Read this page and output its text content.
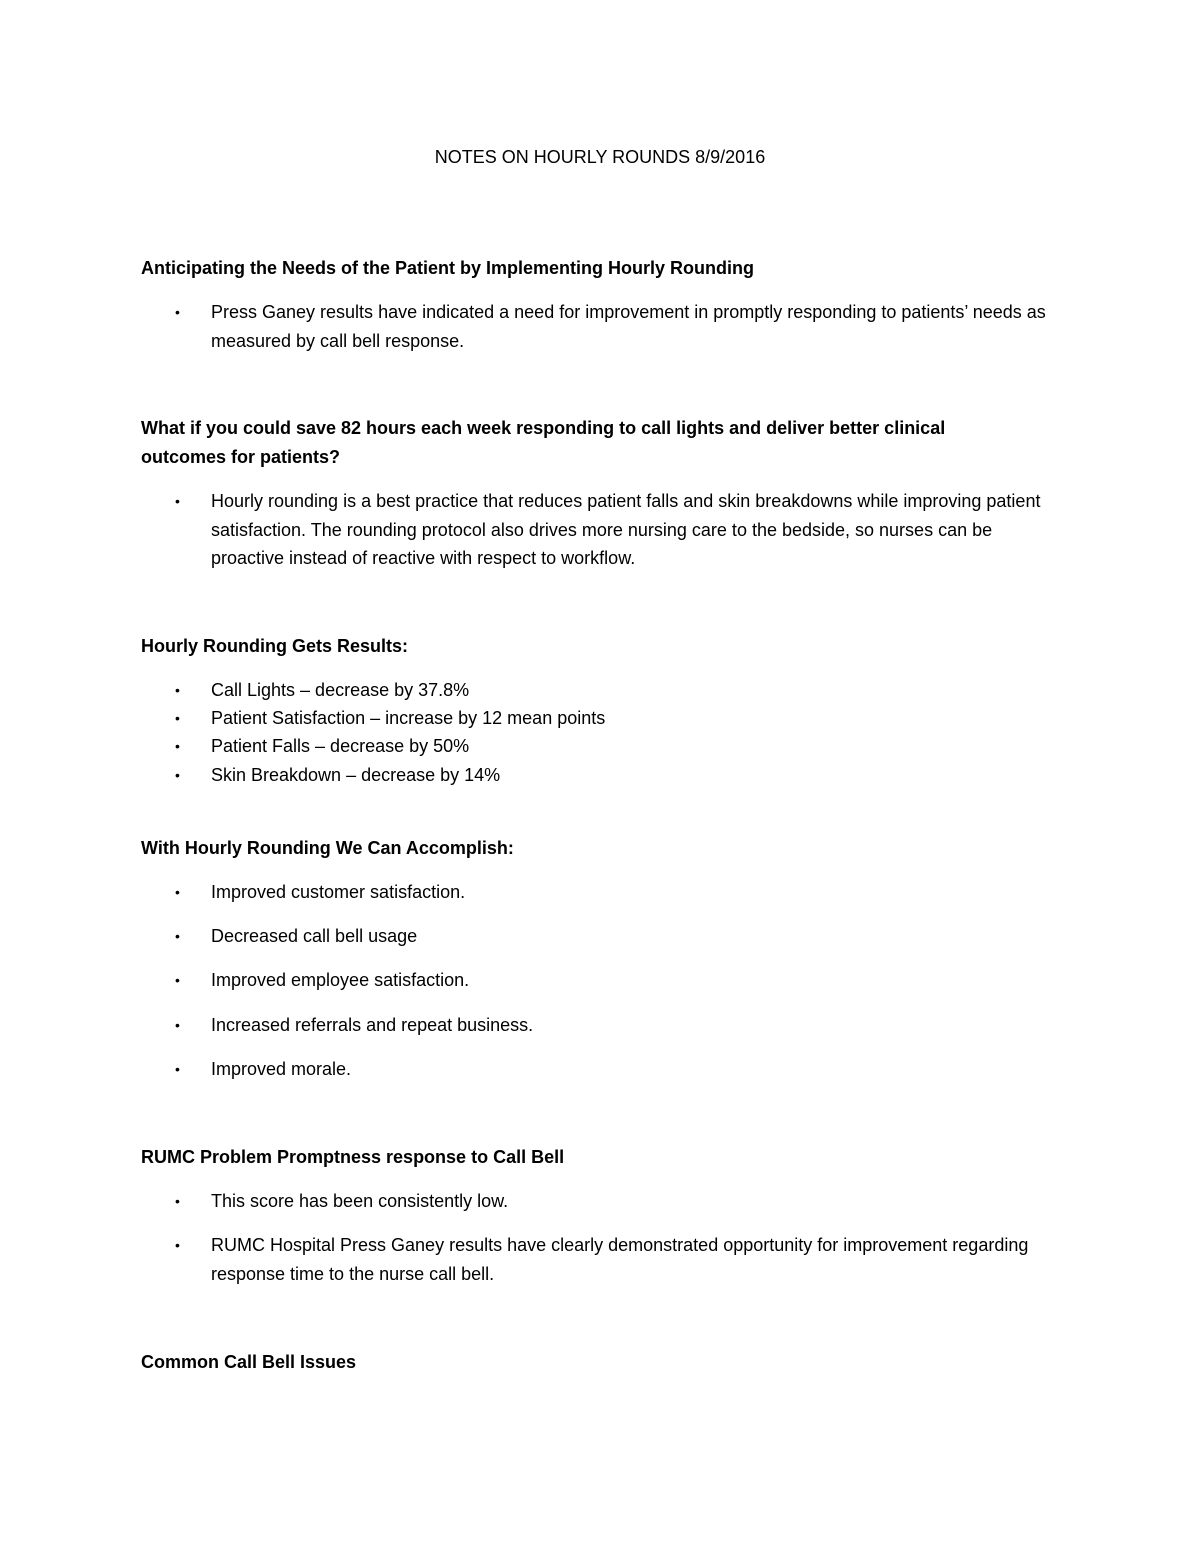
NOTES ON HOURLY ROUNDS 8/9/2016
Anticipating the Needs of the Patient by Implementing Hourly Rounding
• Press Ganey results have indicated a need for improvement in promptly responding to patients’ needs as measured by call bell response.
What if you could save 82 hours each week responding to call lights and deliver better clinical outcomes for patients?
• Hourly rounding is a best practice that reduces patient falls and skin breakdowns while improving patient satisfaction. The rounding protocol also drives more nursing care to the bedside, so nurses can be proactive instead of reactive with respect to workflow.
Hourly Rounding Gets Results:
• Call Lights – decrease by 37.8%
• Patient Satisfaction – increase by 12 mean points
• Patient Falls – decrease by 50%
• Skin Breakdown – decrease by 14%
With Hourly Rounding We Can Accomplish:
• Improved customer satisfaction.
• Decreased call bell usage
• Improved employee satisfaction.
• Increased referrals and repeat business.
• Improved morale.
RUMC Problem Promptness response to Call Bell
• This score has been consistently low.
• RUMC Hospital Press Ganey results have clearly demonstrated opportunity for improvement regarding response time to the nurse call bell.
Common Call Bell Issues
